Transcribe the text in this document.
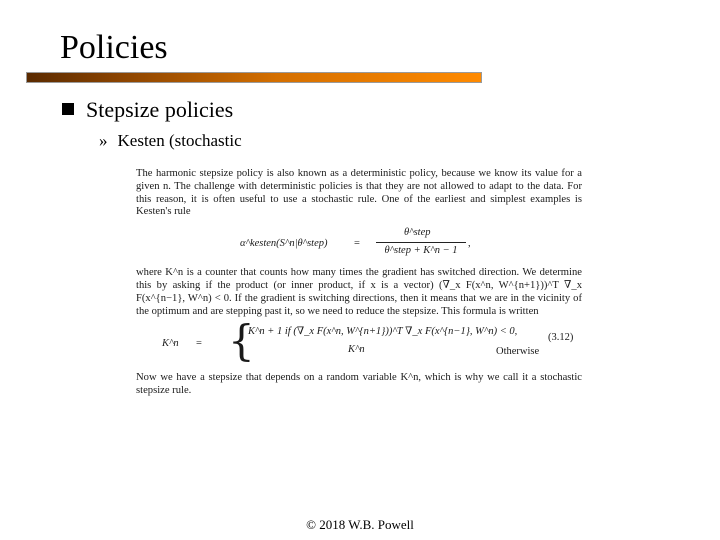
Policies
Stepsize policies
» Kesten (stochastic

The harmonic stepsize policy is also known as a deterministic policy, because we know its value for a given n. The challenge with deterministic policies is that they are not allowed to adapt to the data. For this reason, it is often useful to use a stochastic rule. One of the earliest and simplest examples is Kesten's rule

α^kesten(S^n|θ^step)	=
θ^step
θ^step + K^n − 1
,

where K^n is a counter that counts how many times the gradient has switched direction. We determine this by asking if the product (or inner product, if x is a vector) (∇_x F(x^n, W^{n+1}))^T ∇_x F(x^{n−1}, W^n) < 0. If the gradient is switching directions, then it means that we are in the vicinity of the optimum and are stepping past it, so we need to reduce the stepsize. This formula is written

K^n = {
K^n + 1 if (∇_x F(x^n, W^{n+1}))^T ∇_x F(x^{n−1}, W^n) < 0,
K^n	Otherwise
(3.12)

Now we have a stepsize that depends on a random variable K^n, which is why we call it a stochastic stepsize rule.

© 2018 W.B. Powell
